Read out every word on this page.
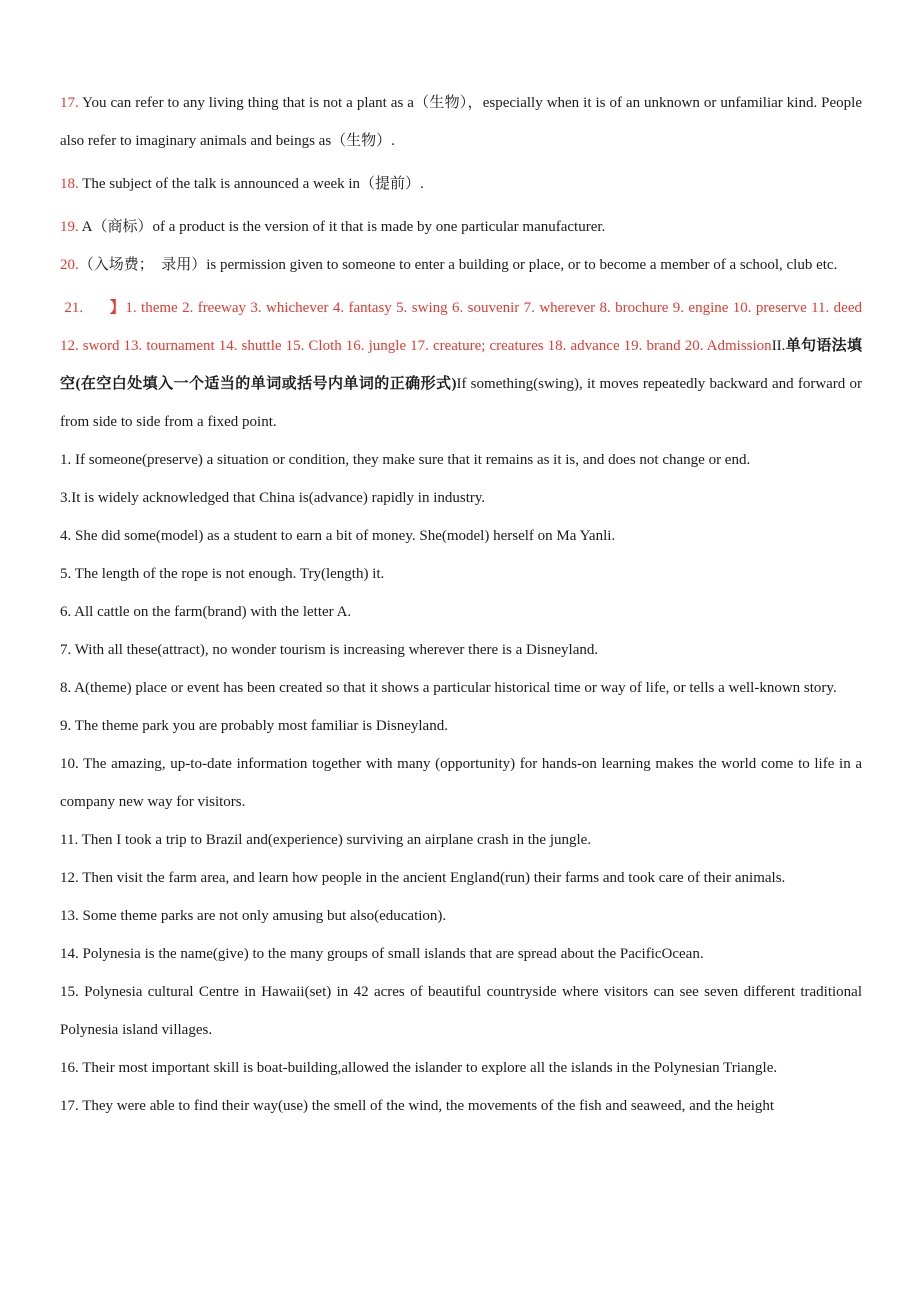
17. You can refer to any living thing that is not a plant as a（生物），especially when it is of an unknown or unfamiliar kind. People also refer to imaginary animals and beings as（生物）.

18. The subject of the talk is announced a week in（提前）.

19. A（商标）of a product is the version of it that is made by one particular manufacturer.

20.（入场费；　录用）is permission given to someone to enter a building or place, or to become a member of a school, club etc.

21. 】1. theme 2. freeway 3. whichever 4. fantasy 5. swing 6. souvenir 7. wherever 8. brochure 9. engine 10. preserve 11. deed 12. sword 13. tournament 14. shuttle 15. Cloth 16. jungle 17. creature; creatures 18. advance 19. brand 20. AdmissionII.单句语法填空(在空白处填入一个适当的单词或括号内单词的正确形式)If something(swing), it moves repeatedly backward and forward or from side to side from a fixed point.

1. If someone(preserve) a situation or condition, they make sure that it remains as it is, and does not change or end.

3.It is widely acknowledged that China is(advance) rapidly in industry.

4. She did some(model) as a student to earn a bit of money. She(model) herself on Ma Yanli.

5. The length of the rope is not enough. Try(length) it.

6. All cattle on the farm(brand) with the letter A.

7. With all these(attract), no wonder tourism is increasing wherever there is a Disneyland.

8. A(theme) place or event has been created so that it shows a particular historical time or way of life, or tells a well-known story.

9. The theme park you are probably most familiar is Disneyland.

10. The amazing, up-to-date information together with many (opportunity) for hands-on learning makes the world come to life in a company new way for visitors.

11. Then I took a trip to Brazil and(experience) surviving an airplane crash in the jungle.

12. Then visit the farm area, and learn how people in the ancient England(run) their farms and took care of their animals.

13. Some theme parks are not only amusing but also(education).

14. Polynesia is the name(give) to the many groups of small islands that are spread about the PacificOcean.

15. Polynesia cultural Centre in Hawaii(set) in 42 acres of beautiful countryside where visitors can see seven different traditional Polynesia island villages.

16. Their most important skill is boat-building,allowed the islander to explore all the islands in the Polynesian Triangle.

17. They were able to find their way(use) the smell of the wind, the movements of the fish and seaweed, and the height
